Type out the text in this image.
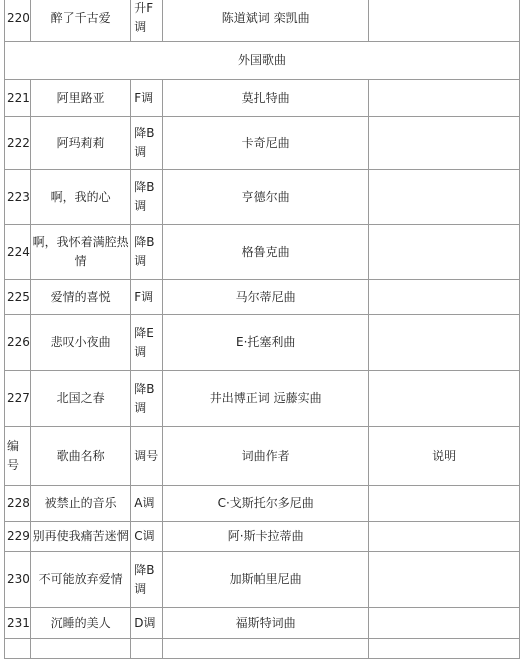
220	醉了千古爱	升F调	陈道斌词 栾凯曲	
外国歌曲				
221	阿里路亚	F调	莫扎特曲	
222	阿玛莉莉	降B调	卡奇尼曲	
223	啊，我的心	降B调	亨德尔曲	
224	啊，我怀着满腔热情	降B调	格鲁克曲	
225	爱情的喜悦	F调	马尔蒂尼曲	
226	悲叹小夜曲	降E调	E·托塞利曲	
227	北国之春	降B调	井出博正词 远藤实曲	
编号	歌曲名称	调号	词曲作者	说明
228	被禁止的音乐	A调	C·戈斯托尔多尼曲	
229	别再使我痛苦迷惘	C调	阿·斯卡拉蒂曲	
230	不可能放弃爱情	降B调	加斯帕里尼曲	
231	沉睡的美人	D调	福斯特词曲	
